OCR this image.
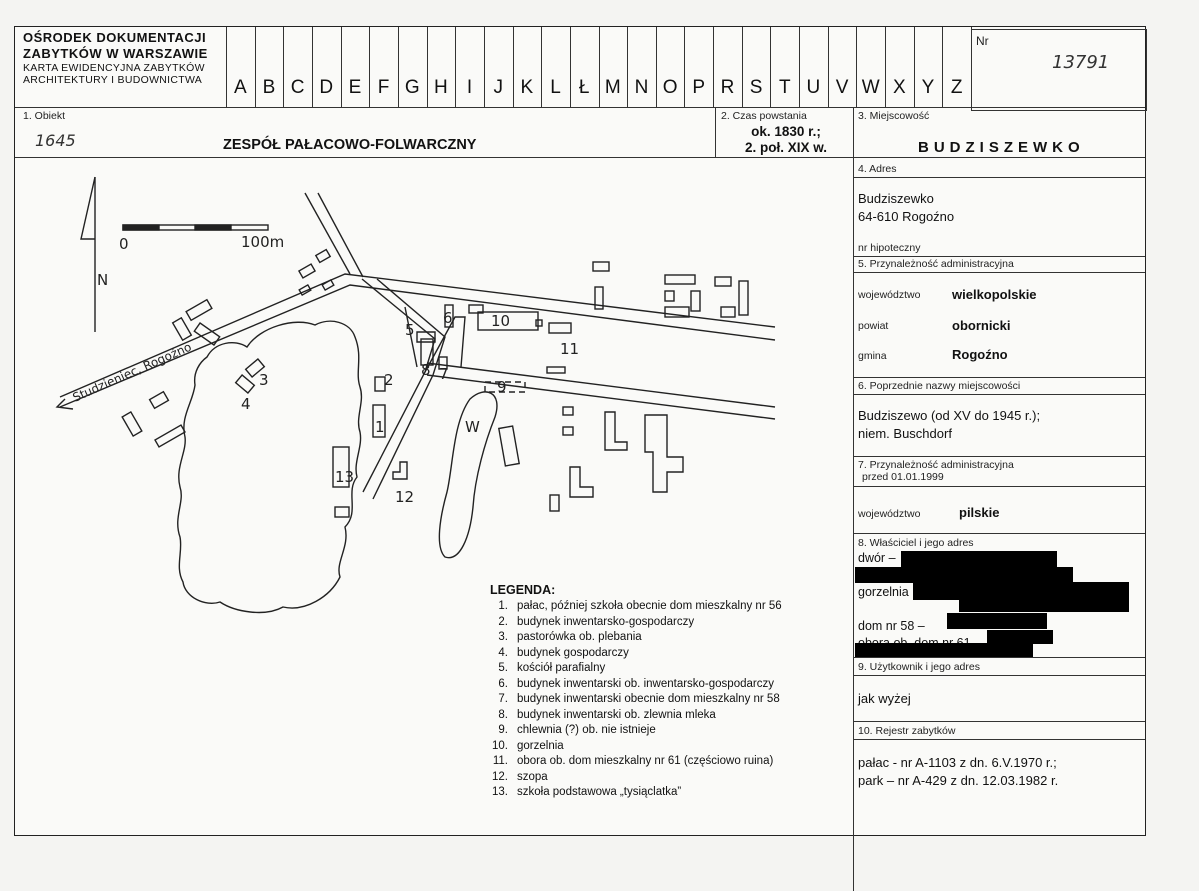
OŚRODEK DOKUMENTACJI
ZABYTKÓW W WARSZAWIE
KARTA EWIDENCYJNA ZABYTKÓW
ARCHITEKTURY I BUDOWNICTWA	A B C D E F G H	I	J K L Ł M N O P R S T U V W X Y Z
Nr
13791
1. Obiekt
1645	ZESPÓŁ PAŁACOWO-FOLWARCZNY
2. Czas powstania
ok. 1830 r.;
2. poł. XIX w.
3. Miejscowość
BUDZISZEWKO
4. Adres
Budziszewko
64-610 Rogoźno
nr hipoteczny
5. Przynależność administracyjna
województwo wielkopolskie
powiat	obornicki
gmina	Rogoźno
6. Poprzednie nazwy miejscowości
Budziszewo (od XV do 1945 r.);
niem. Buschdorf
7. Przynależność administracyjna
przed 01.01.1999
województwo	pilskie
8. Właściciel i jego adres
dwór –
gorzelnia
dom nr 58 –
9. Użytkownik i jego adres
jak wyżej
10. Rejestr zabytków
pałac - nr A-1103 z dn. 6.V.1970 r.;
park – nr A-429 z dn. 12.03.1982 r.
0	100m
N
Studzieniec, Rogoźno
1
2
3
4
5
6
7
8
9
10
11
12
13
W
LEGENDA:
1. pałac, później szkoła obecnie dom mieszkalny nr 56
2. budynek inwentarsko-gospodarczy
3. pastorówka ob. plebania
4. budynek gospodarczy
5. kościół parafialny
6. budynek inwentarski ob. inwentarsko-gospodarczy
7. budynek inwentarski obecnie dom mieszkalny nr 58
8. budynek inwentarski ob. zlewnia mleka
9. chlewnia (?) ob. nie istnieje
10. gorzelnia
11. obora ob. dom mieszkalny nr 61 (częściowo ruina)
12. szopa
13. szkoła podstawowa „tysiąclatka”
